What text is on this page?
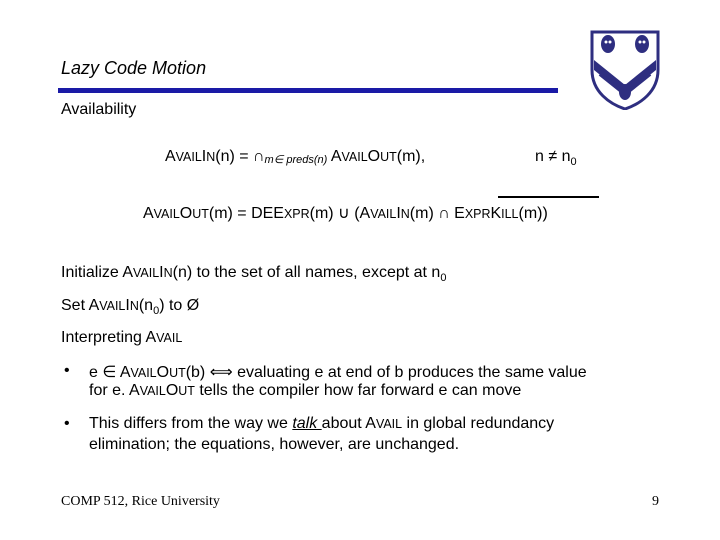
Lazy Code Motion
Availability
AVAILIN(n) = ∩m∈ preds(n) AVAILOUT(m),	$n \ne n_0$
AVAILOUT(m) = DEEXPR(m) ∪ (AVAILIN(m) ∩ EXPRKILL(m))
Initialize AVAILIN(n) to the set of all names, except at $n_0$
Set $AVAILIN(n_0)$ to Ø
Interpreting AVAIL
• e ∈ AVAILOUT(b) ⟺ evaluating e at end of b produces the same value
for e. AVAILOUT tells the compiler how far forward e can move
• This differs from the way we talk about AVAIL in global redundancy
elimination; the equations, however, are unchanged.
COMP 512, Rice University	9
